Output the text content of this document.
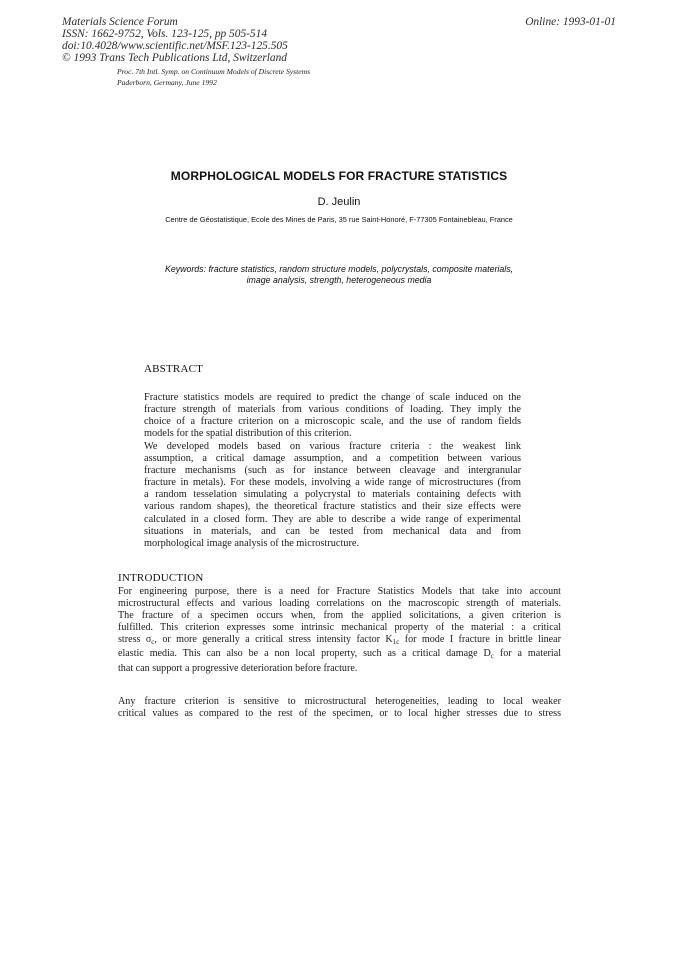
Materials Science Forum
ISSN: 1662-9752, Vols. 123-125, pp 505-514
doi:10.4028/www.scientific.net/MSF.123-125.505
© 1993 Trans Tech Publications Ltd, Switzerland
Online: 1993-01-01
Proc. 7th Intl. Symp. on Continuum Models of Discrete Systems
Paderborn, Germany, June 1992
MORPHOLOGICAL MODELS FOR FRACTURE STATISTICS
D. Jeulin
Centre de Géostatistique, Ecole des Mines de Paris, 35 rue Saint-Honoré, F-77305 Fontainebleau, France
Keywords: fracture statistics, random structure models, polycrystals, composite materials,
image analysis, strength, heterogeneous media
ABSTRACT
Fracture statistics models are required to predict the change of scale induced on the
fracture strength of materials from various conditions of loading. They imply the
choice of a fracture criterion on a microscopic scale, and the use of random fields
models for the spatial distribution of this criterion.
We developed models based on various fracture criteria : the weakest link
assumption, a critical damage assumption, and a competition between various
fracture mechanisms (such as for instance between cleavage and intergranular
fracture in metals). For these models, involving a wide range of microstructures (from
a random tesselation simulating a polycrystal to materials containing defects with
various random shapes), the theoretical fracture statistics and their size effects were
calculated in a closed form. They are able to describe a wide range of experimental
situations in materials, and can be tested from mechanical data and from
morphological image analysis of the microstructure.
INTRODUCTION
For engineering purpose, there is a need for Fracture Statistics Models that take into account
microstructural effects and various loading correlations on the macroscopic strength of materials.
The fracture of a specimen occurs when, from the applied solicitations, a given criterion is
fulfilled. This criterion expresses some intrinsic mechanical property of the material : a critical
stress $\sigma_c$, or more generally a critical stress intensity factor $K_{1c}$ for mode I fracture in brittle linear
elastic media. This can also be a non local property, such as a critical damage $D_c$ for a material
that can support a progressive deterioration before fracture.
Any fracture criterion is sensitive to microstructural heterogeneities, leading to local weaker
critical values as compared to the rest of the specimen, or to local higher stresses due to stress
